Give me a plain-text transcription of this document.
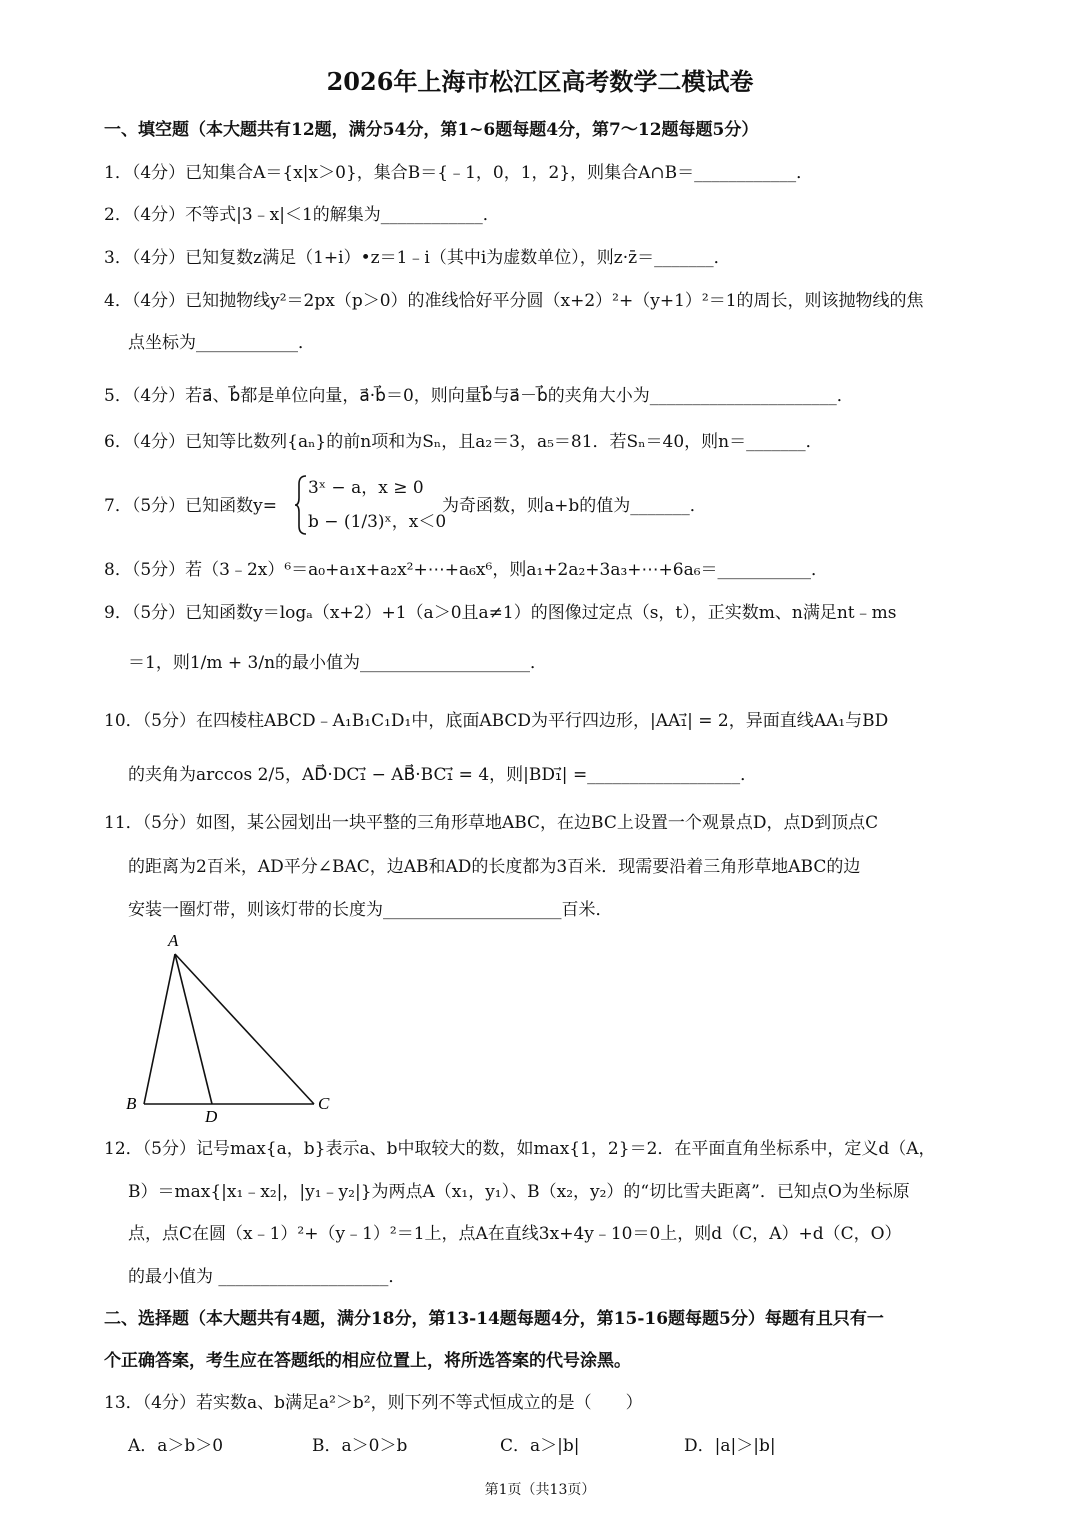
2026年上海市松江区高考数学二模试卷
一、填空题（本大题共有12题，满分54分，第1~6题每题4分，第7～12题每题5分）
1．（4分）已知集合A＝{x|x＞0}，集合B＝{﹣1，0，1，2}，则集合A∩B＝____________．
2．（4分）不等式|3﹣x|＜1的解集为____________．
3．（4分）已知复数z满足（1+i）•z＝1﹣i（其中i为虚数单位），则z·z̄＝_______．
4．（4分）已知抛物线y²＝2px（p＞0）的准线恰好平分圆（x+2）²+（y+1）²＝1的周长，则该抛物线的焦
点坐标为____________．
5．（4分）若a⃗、b⃗都是单位向量，a⃗·b⃗＝0，则向量b⃗与a⃗－b⃗的夹角大小为______________________．
6．（4分）已知等比数列{aₙ}的前n项和为Sₙ，且a₂＝3，a₅＝81．若Sₙ＝40，则n＝_______．
7．（5分）已知函数y=
3ˣ − a，x ≥ 0
b − (1/3)ˣ，x＜0
为奇函数，则a+b的值为_______．
8．（5分）若（3﹣2x）⁶＝a₀+a₁x+a₂x²+⋯+a₆x⁶，则a₁+2a₂+3a₃+⋯+6a₆＝___________．
9．（5分）已知函数y＝logₐ（x+2）+1（a＞0且a≠1）的图像过定点（s，t），正实数m、n满足nt﹣ms
＝1，则1/m + 3/n的最小值为____________________．
10．（5分）在四棱柱ABCD﹣A₁B₁C₁D₁中，底面ABCD为平行四边形，|AA₁⃗| = 2，异面直线AA₁与BD
的夹角为arccos 2/5，AD⃗·DC₁⃗ − AB⃗·BC₁⃗ = 4，则|BD₁⃗| =__________________．
11．（5分）如图，某公园划出一块平整的三角形草地ABC，在边BC上设置一个观景点D，点D到顶点C
的距离为2百米，AD平分∠BAC，边AB和AD的长度都为3百米．现需要沿着三角形草地ABC的边
安装一圈灯带，则该灯带的长度为_____________________百米．
A
B	C
D
12．（5分）记号max{a，b}表示a、b中取较大的数，如max{1，2}＝2．在平面直角坐标系中，定义d（A，
B）＝max{|x₁﹣x₂|，|y₁﹣y₂|}为两点A（x₁，y₁）、B（x₂，y₂）的“切比雪夫距离”．已知点O为坐标原
点，点C在圆（x﹣1）²+（y﹣1）²＝1上，点A在直线3x+4y﹣10＝0上，则d（C，A）+d（C，O）
的最小值为 ____________________．
二、选择题（本大题共有4题，满分18分，第13-14题每题4分，第15-16题每题5分）每题有且只有一
个正确答案，考生应在答题纸的相应位置上，将所选答案的代号涂黑。
13．（4分）若实数a、b满足a²＞b²，则下列不等式恒成立的是（　　）
A．a＞b＞0	B．a＞0＞b	C．a＞|b|	D．|a|＞|b|
第1页（共13页）
